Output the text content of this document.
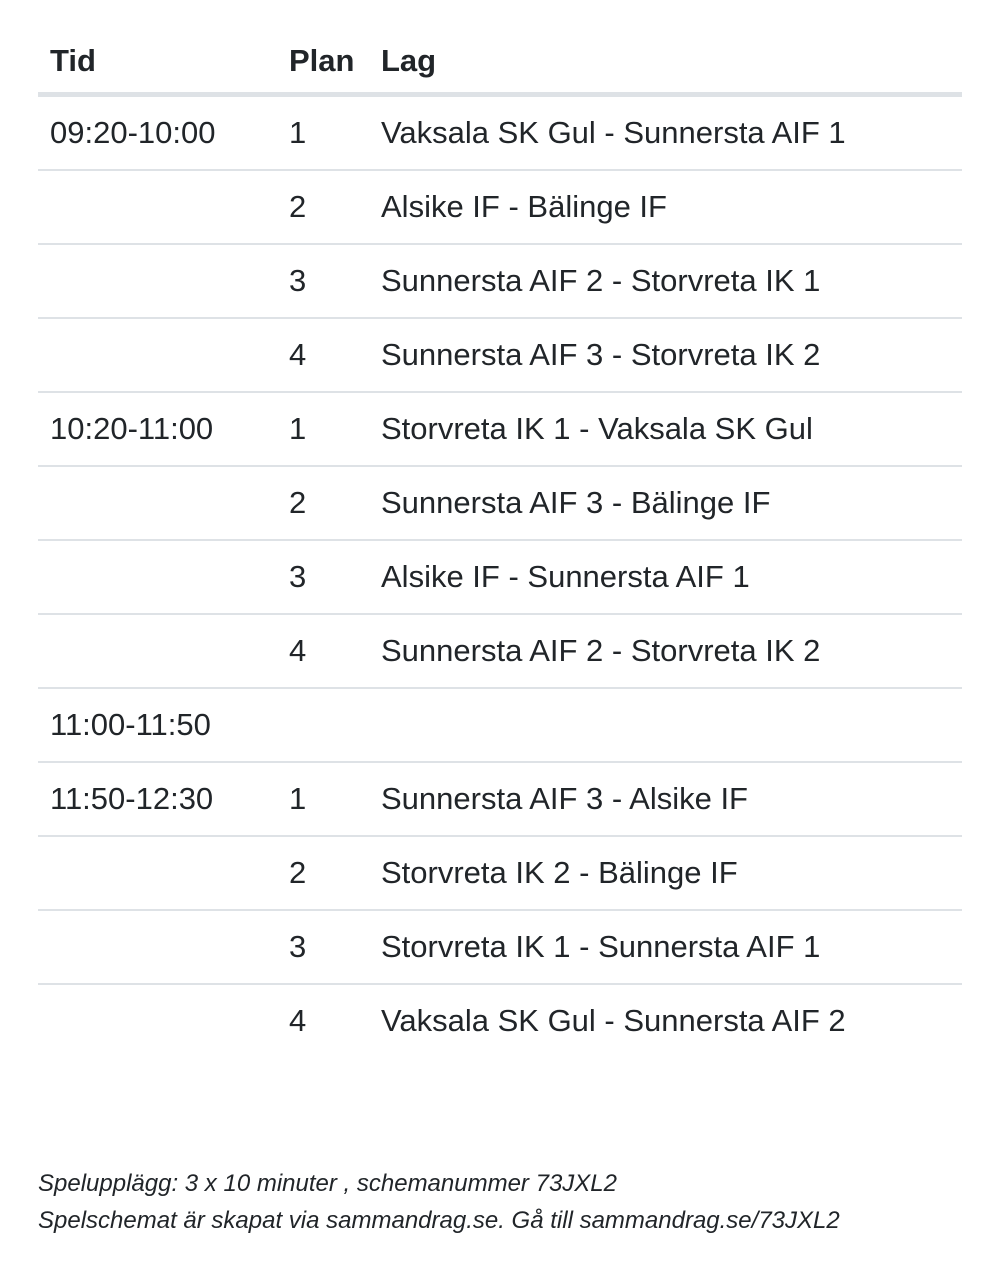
Tid	Plan	Lag
09:20-10:00	1	Vaksala SK Gul - Sunnersta AIF 1
	2	Alsike IF - Bälinge IF
	3	Sunnersta AIF 2 - Storvreta IK 1
	4	Sunnersta AIF 3 - Storvreta IK 2
10:20-11:00	1	Storvreta IK 1 - Vaksala SK Gul
	2	Sunnersta AIF 3 - Bälinge IF
	3	Alsike IF - Sunnersta AIF 1
	4	Sunnersta AIF 2 - Storvreta IK 2
11:00-11:50		
11:50-12:30	1	Sunnersta AIF 3 - Alsike IF
	2	Storvreta IK 2 - Bälinge IF
	3	Storvreta IK 1 - Sunnersta AIF 1
	4	Vaksala SK Gul - Sunnersta AIF 2
Spelupplägg: 3 x 10 minuter , schemanummer 73JXL2
Spelschemat är skapat via sammandrag.se. Gå till sammandrag.se/73JXL2
